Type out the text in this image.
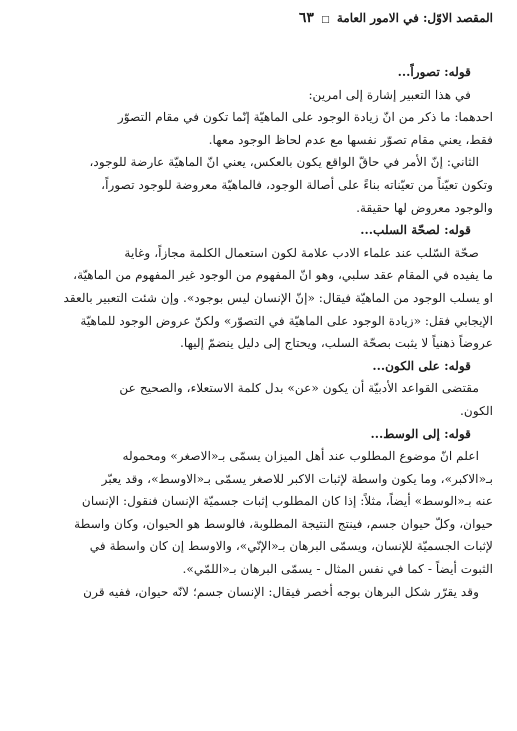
المقصد الاوّل: في الامور العامة □ ٦٣
قوله: تصوراً...
في هذا التعبير إشارة إلى امرين:
احدهما: ما ذكر من انّ زيادة الوجود على الماهيّة إنّما تكون في مقام التصوّر
فقط، يعني مقام تصوّر نفسها مع عدم لحاظ الوجود معها.
الثاني: إنّ الأمر في حاقّ الواقع يكون بالعكس، يعني انّ الماهيّة عارضة للوجود،
وتكون تعيّناً من تعيّناته بناءً على أصالة الوجود، فالماهيّة معروضة للوجود تصوراً،
والوجود معروض لها حقيقة.
قوله: لصحّة السلب...
صحّة السّلب عند علماء الادب علامة لكون استعمال الكلمة مجازاً، وغاية
ما يفيده في المقام عقد سلبي، وهو انّ المفهوم من الوجود غير المفهوم من الماهيّة،
او يسلب الوجود من الماهيّة فيقال: «إنّ الإنسان ليس بوجود». وإن شئت التعبير بالعقد
الإيجابي فقل: «زيادة الوجود على الماهيّة في التصوّر» ولكنّ عروض الوجود للماهيّة
عروضاً ذهنياً لا يثبت بصحّة السلب، ويحتاج إلى دليل ينضمّ إليها.
قوله: على الكون...
مقتضى القواعد الأدبيّة أن يكون «عن» بدل كلمة الاستعلاء، والصحيح عن
الكون.
قوله: إلى الوسط...
اعلم انّ موضوع المطلوب عند أهل الميزان يسمّى بـ«الاصغر» ومحموله
بـ«الاكبر»، وما يكون واسطة لإثبات الاكبر للاصغر يسمّى بـ«الاوسط»، وقد يعبّر
عنه بـ«الوسط» أيضاً، مثلاً: إذا كان المطلوب إثبات جسميّة الإنسان فنقول: الإنسان
حيوان، وكلّ حيوان جسم، فينتج النتيجة المطلوبة، فالوسط هو الحيوان، وكان واسطة
لإثبات الجسميّة للإنسان، ويسمّى البرهان بـ«الإنّي»، والاوسط إن كان واسطة في
الثبوت أيضاً - كما في نفس المثال - يسمّى البرهان بـ«اللمّي».
وقد يقرّر شكل البرهان بوجه أخصر فيقال: الإنسان جسم؛ لانّه حيوان، ففيه قرن
